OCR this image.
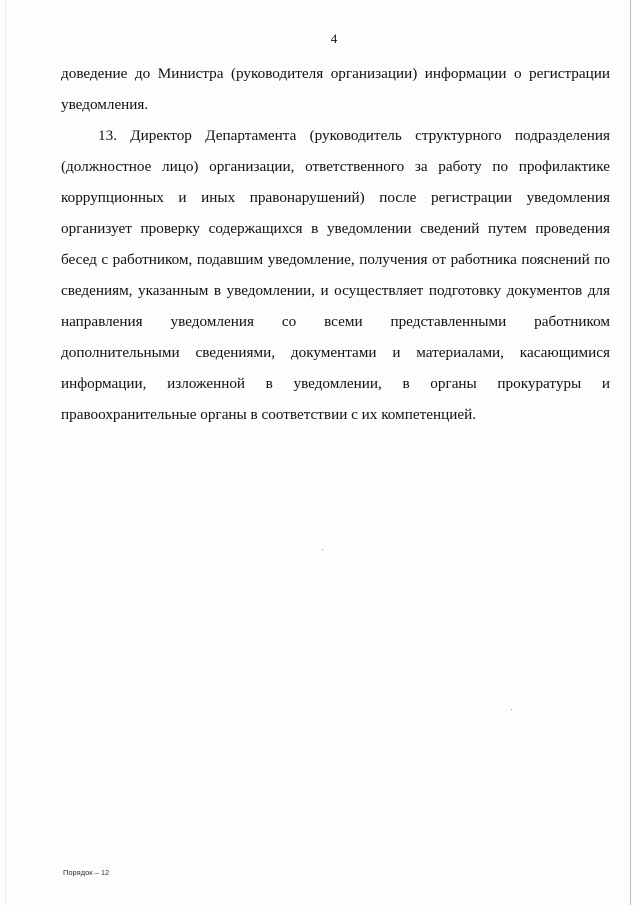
4

доведение до Министра (руководителя организации) информации о регистрации уведомления.

13. Директор Департамента (руководитель структурного подразделения (должностное лицо) организации, ответственного за работу по профилактике коррупционных и иных правонарушений) после регистрации уведомления организует проверку содержащихся в уведомлении сведений путем проведения бесед с работником, подавшим уведомление, получения от работника пояснений по сведениям, указанным в уведомлении, и осуществляет подготовку документов для направления уведомления со всеми представленными работником дополнительными сведениями, документами и материалами, касающимися информации, изложенной в уведомлении, в органы прокуратуры и правоохранительные органы в соответствии с их компетенцией.

Порядок – 12
